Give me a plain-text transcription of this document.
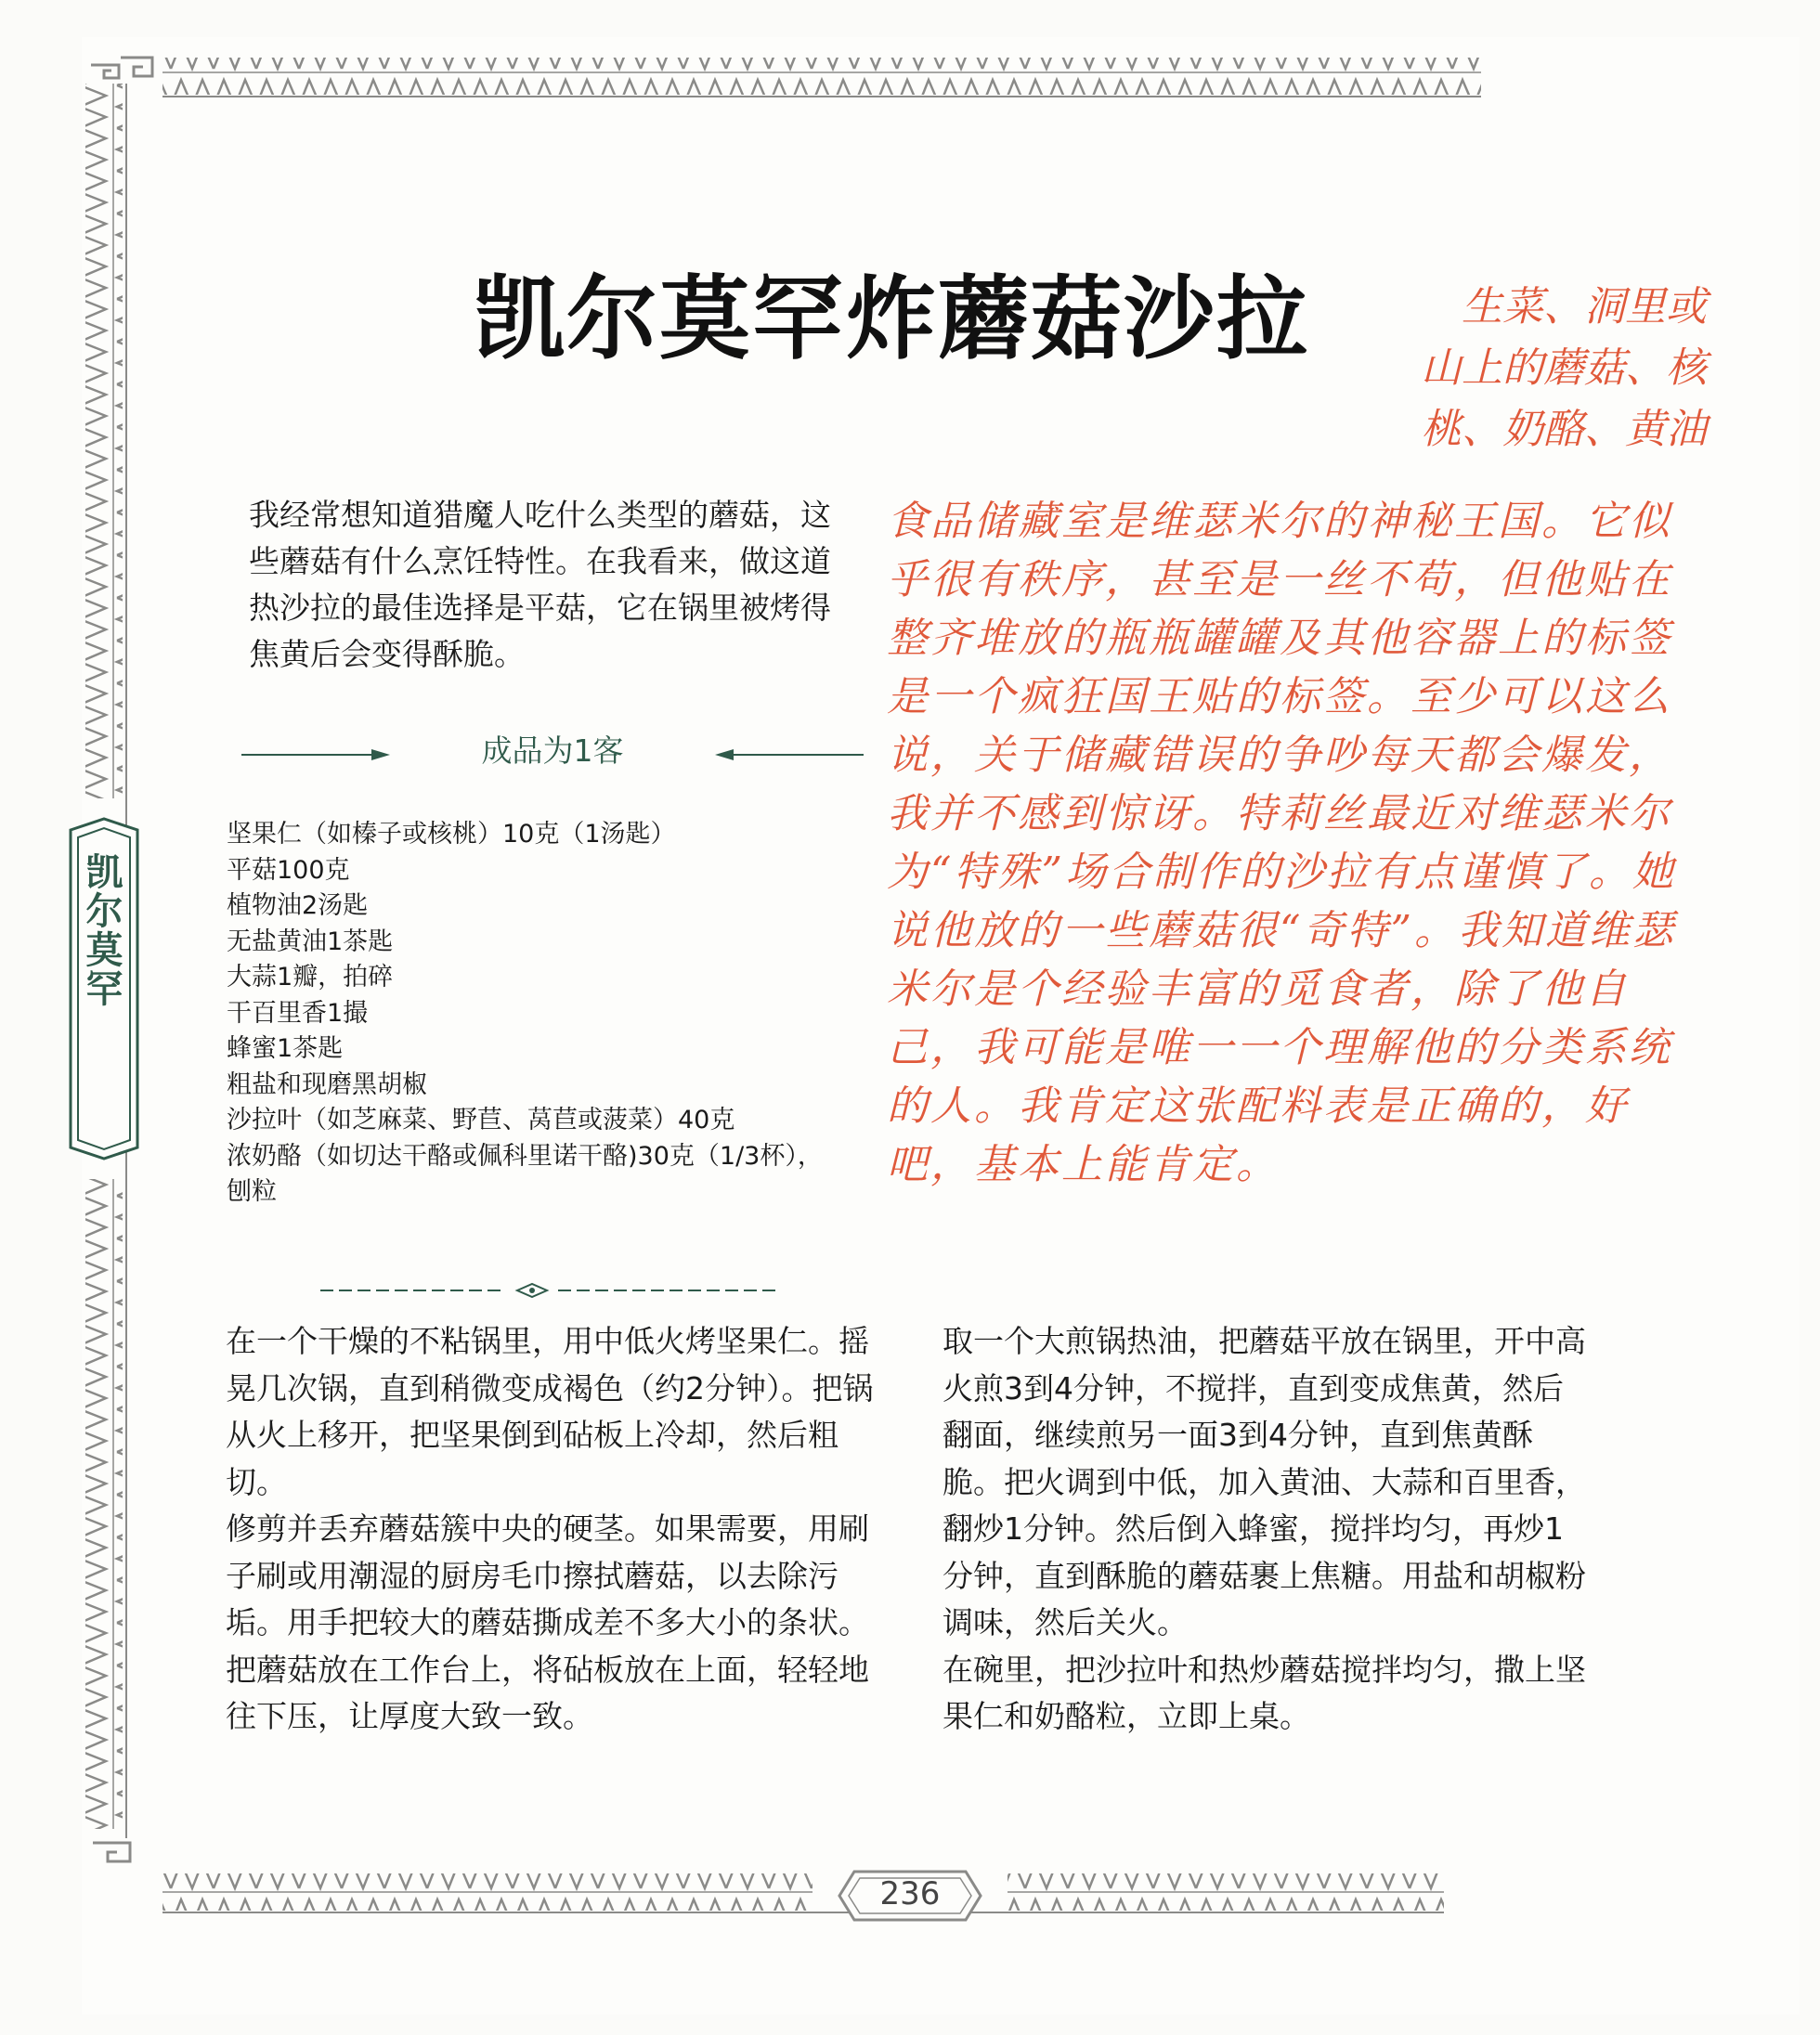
凯尔莫罕
凯尔莫罕炸蘑菇沙拉	生菜、洞里或
山上的蘑菇、核
桃、奶酪、黄油
我经常想知道猎魔人吃什么类型的蘑菇，这些蘑菇有什么烹饪特性。在我看来，做这道热沙拉的最佳选择是平菇，它在锅里被烤得焦黄后会变得酥脆。
成品为1客
坚果仁（如榛子或核桃）10克（1汤匙）
平菇100克
植物油2汤匙
无盐黄油1茶匙
大蒜1瓣，拍碎
干百里香1撮
蜂蜜1茶匙
粗盐和现磨黑胡椒
沙拉叶（如芝麻菜、野苣、莴苣或菠菜）40克
浓奶酪（如切达干酪或佩科里诺干酪)30克（1/3杯），刨粒
食品储藏室是维瑟米尔的神秘王国。它似乎很有秩序，甚至是一丝不苟，但他贴在整齐堆放的瓶瓶罐罐及其他容器上的标签是一个疯狂国王贴的标签。至少可以这么说，关于储藏错误的争吵每天都会爆发，我并不感到惊讶。特莉丝最近对维瑟米尔为“特殊”场合制作的沙拉有点谨慎了。她说他放的一些蘑菇很“奇特”。我知道维瑟米尔是个经验丰富的觅食者，除了他自己，我可能是唯一一个理解他的分类系统的人。我肯定这张配料表是正确的，好吧，基本上能肯定。

在一个干燥的不粘锅里，用中低火烤坚果仁。摇晃几次锅，直到稍微变成褐色（约2分钟）。把锅从火上移开，把坚果倒到砧板上冷却，然后粗切。

修剪并丢弃蘑菇簇中央的硬茎。如果需要，用刷子刷或用潮湿的厨房毛巾擦拭蘑菇，以去除污垢。用手把较大的蘑菇撕成差不多大小的条状。把蘑菇放在工作台上，将砧板放在上面，轻轻地往下压，让厚度大致一致。

取一个大煎锅热油，把蘑菇平放在锅里，开中高火煎3到4分钟，不搅拌，直到变成焦黄，然后翻面，继续煎另一面3到4分钟，直到焦黄酥脆。把火调到中低，加入黄油、大蒜和百里香，翻炒1分钟。然后倒入蜂蜜，搅拌均匀，再炒1分钟，直到酥脆的蘑菇裹上焦糖。用盐和胡椒粉调味，然后关火。

在碗里，把沙拉叶和热炒蘑菇搅拌均匀，撒上坚果仁和奶酪粒，立即上桌。

236
